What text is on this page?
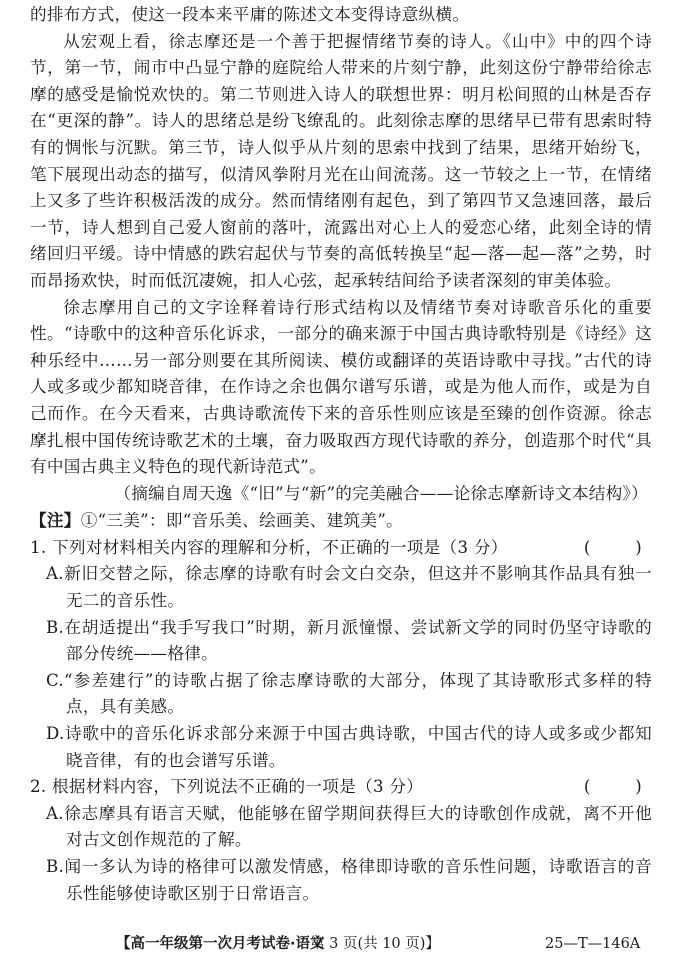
的排布方式，使这一段本来平庸的陈述文本变得诗意纵横。

从宏观上看，徐志摩还是一个善于把握情绪节奏的诗人。《山中》中的四个诗节，第一节，闹市中凸显宁静的庭院给人带来的片刻宁静，此刻这份宁静带给徐志摩的感受是愉悦欢快的。第二节则进入诗人的联想世界：明月松间照的山林是否存在“更深的静”。诗人的思绪总是纷飞缭乱的。此刻徐志摩的思绪早已带有思索时特有的惆怅与沉默。第三节，诗人似乎从片刻的思索中找到了结果，思绪开始纷飞，笔下展现出动态的描写，似清风拳附月光在山间流荡。这一节较之上一节，在情绪上又多了些许积极活泼的成分。然而情绪刚有起色，到了第四节又急速回落，最后一节，诗人想到自己爱人窗前的落叶，流露出对心上人的爱恋心绪，此刻全诗的情绪回归平缓。诗中情感的跌宕起伏与节奏的高低转换呈“起—落—起—落”之势，时而昂扬欢快，时而低沉凄婉，扣人心弦，起承转结间给予读者深刻的审美体验。

徐志摩用自己的文字诠释着诗行形式结构以及情绪节奏对诗歌音乐化的重要性。“诗歌中的这种音乐化诉求，一部分的确来源于中国古典诗歌特别是《诗经》这种乐经中……另一部分则要在其所阅读、模仿或翻译的英语诗歌中寻找。”古代的诗人或多或少都知晓音律，在作诗之余也偶尔谱写乐谱，或是为他人而作，或是为自己而作。在今天看来，古典诗歌流传下来的音乐性则应该是至臻的创作资源。徐志摩扎根中国传统诗歌艺术的土壤，奋力吸取西方现代诗歌的养分，创造那个时代“具有中国古典主义特色的现代新诗范式”。

（摘编自周天逸《“旧”与“新”的完美融合——论徐志摩新诗文本结构》）

【注】①“三美”：即“音乐美、绘画美、建筑美”。

1. 下列对材料相关内容的理解和分析，不正确的一项是（3 分）	(        )

A.新旧交替之际，徐志摩的诗歌有时会文白交杂，但这并不影响其作品具有独一无二的音乐性。

B.在胡适提出“我手写我口”时期，新月派憧憬、尝试新文学的同时仍坚守诗歌的部分传统——格律。

C.“参差建行”的诗歌占据了徐志摩诗歌的大部分，体现了其诗歌形式多样的特点，具有美感。

D.诗歌中的音乐化诉求部分来源于中国古典诗歌，中国古代的诗人或多或少都知晓音律，有的也会谱写乐谱。

2. 根据材料内容，下列说法不正确的一项是（3 分）	(        )

A.徐志摩具有语言天赋，他能够在留学期间获得巨大的诗歌创作成就，离不开他对古文创作规范的了解。

B.闻一多认为诗的格律可以激发情感，格律即诗歌的音乐性问题，诗歌语言的音乐性能够使诗歌区别于日常语言。

【高一年级第一次月考试卷·语文
第 3 页(共 10 页)】	25—T—146A
